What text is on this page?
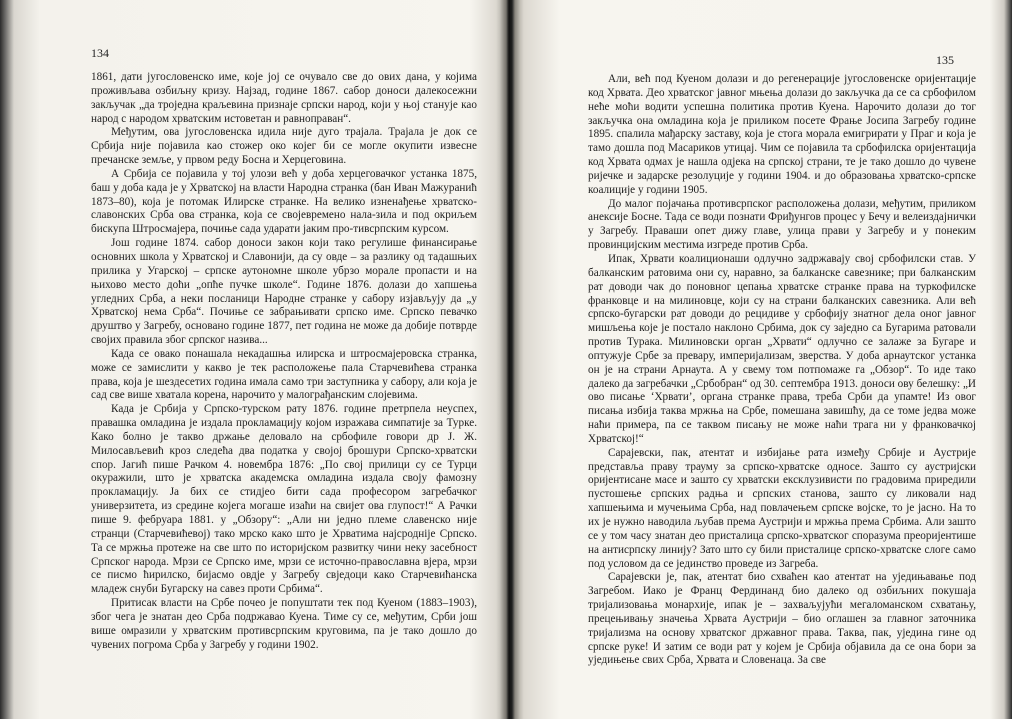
134

1861, дати југословенско име, које јој се очувало све до ових дана, у којима проживљава озбиљну кризу. Најзад, године 1867. сабор доноси далекосежни закључак „да троједна краљевина признаје српски народ, који у њој станује као народ с народом хрватским истоветан и равноправан“.

Међутим, ова југословенска идила није дуго трајала. Трајала је док се Србија није појавила као стожер око којег би се могле окупити извесне пречанске земље, у првом реду Босна и Херцеговина.

А Србија се појавила у тој улози већ у доба херцеговачког устанка 1875, баш у доба када је у Хрватској на власти Народна странка (бан Иван Мажуранић 1873–80), која је потомак Илирске странке. На велико изненађење хрватско-славонских Срба ова странка, која се својевремено нала-зила и под окриљем бискупа Штросмајера, почиње сада ударати јаким про-тивсрпским курсом.

Још године 1874. сабор доноси закон који тако регулише финансирање основних школа у Хрватској и Славонији, да су овде – за разлику од тадашњих прилика у Угарској – српске аутономне школе убрзо морале пропасти и на њихово место доћи „опће пучке школе“. Године 1876. долази до хапшења угледних Срба, а неки посланици Народне странке у сабору изјављују да „у Хрватској нема Срба“. Почиње се забрањивати српско име. Српско певачко друштво у Загребу, основано године 1877, пет година не може да добије потврде својих правила због српског назива...

Када се овако понашала некадашња илирска и штросмајеровска странка, може се замислити у какво је тек расположење пала Старчевићева странка права, која је шездесетих година имала само три заступника у сабору, али која је сад све више хватала корена, нарочито у малограђанским слојевима.

Када је Србија у Српско-турском рату 1876. године претрпела неуспех, правашка омладина је издала прокламацију којом изражава симпатије за Турке. Како болно је такво држање деловало на србофиле говори др Ј. Ж. Милосављевић кроз следећа два податка у својој брошури Српско-хрватски спор. Јагић пише Рачком 4. новембра 1876: „По свој прилици су се Турци окуражили, што је хрватска академска омладина издала своју фамозну прокламацију. Ја бих се стидјео бити сада професором загребачког универзитета, из средине којега могаше изаћи на свијет ова глупост!“ А Рачки пише 9. фебруара 1881. у „Обзору“: „Али ни једно племе славенско није странци (Старчевићевој) тако мрско како што је Хрватима најсроднije Српско. Та се мржња протеже на све што по историјском развитку чини неку засебност Српског народа. Мрзи се Српско име, мрзи се источно-православна вјера, мрзи се писмо ћирилско, бијасмо овдје у Загребу свједоци како Старчевићанска младеж снуби Бугарску на савез проти Србима“.

Притисак власти на Србе почео је попуштати тек под Куеном (1883–1903), због чега је знатан део Срба подржавао Куена. Тиме су се, међутим, Срби још више омразили у хрватским противсрпским круговима, па је тако дошло до чувених погрома Срба у Загребу у години 1902.

135

Али, већ под Куеном долази и до регенерације југословенске оријентације код Хрвата. Део хрватског јавног мњења долази до закључка да се са србофилом неће моћи водити успешна политика против Куена. Нарочито долази до тог закључка она омладина која је приликом посете Фрање Јосипа Загребу године 1895. спалила мађарску заставу, која је стога морала емигрирати у Праг и која је тамо дошла под Масариков утицај. Чим се појавила та србофилска оријентација код Хрвата одмах је нашла одјека на српској страни, те је тако дошло до чувене ријечке и задарске резолуције у години 1904. и до образовања хрватско-српске коалиције у години 1905.

До малог појачања противсрпског расположења долази, међутим, приликом анексије Босне. Тада се води познати Фриђунгов процес у Бечу и велеиздајнички у Загребу. Праваши опет дижу главе, улица прави у Загребу и у понеким провинцијским местима изгреде против Срба.

Ипак, Хрвати коалиционаши одлучно задржавају свој србофилски став. У балканским ратовима они су, наравно, за балканске савезнике; при балканским рат доводи чак до поновног цепања хрватске странке права на туркофилске франковце и на милиновце, који су на страни балканских савезника. Али већ српско-бугарски рат доводи до рецидиве у србофију знатног дела оног јавног мишљења које је постало наклоно Србима, док су заједно са Бугарима ратовали против Турака. Милиновски орган „Хрвати“ одлучно се залаже за Бугаре и оптужује Србе за превару, империјализам, зверства. У доба арнаутског устанка он је на страни Арнаута. А у свему том потпомаже га „Обзор“. То иде тако далеко да загребачки „Србобран“ од 30. септембра 1913. доноси ову белешку: „И ово писање ‘Хрвати’, органа странке права, треба Срби да упамте! Из овог писања избија таква мржња на Србе, помешана завишћу, да се томе једва може наћи примера, па се таквом писању не може наћи трага ни у франковачкој Хрватској!“

Сарајевски, пак, атентат и избијање рата између Србије и Аустрије представља праву трауму за српско-хрватске односе. Зашто су аустријски оријентисане масе и зашто су хрватски ексклузивисти по градовима приредили пустошење српских радња и српских станова, зашто су ликовали над хапшењима и мучењима Срба, над повлачењем српске војске, то је јасно. На то их је нужно наводила љубав према Аустрији и мржња према Србима. Али зашто се у том часу знатан део присталица српско-хрватског споразума преоријентише на антисрпску линију? Зато што су били присталице српско-хрватске слоге само под условом да се јединство проведе из Загреба.

Сарајевски је, пак, атентат био схваћен као атентат на уједињавање под Загребом. Иако је Франц Фердинанд био далеко од озбиљних покушаја тријализовања монархије, ипак је – захваљујући мегаломанском схватању, прецењивању значења Хрвата Аустрији – био оглашен за главног заточника тријализма на основу хрватског државног права. Таква, пак, уједина гине од српске руке! И затим се води рат у којем је Србија објавила да се она бори за уједињење свих Срба, Хрвата и Словенаца. За све
